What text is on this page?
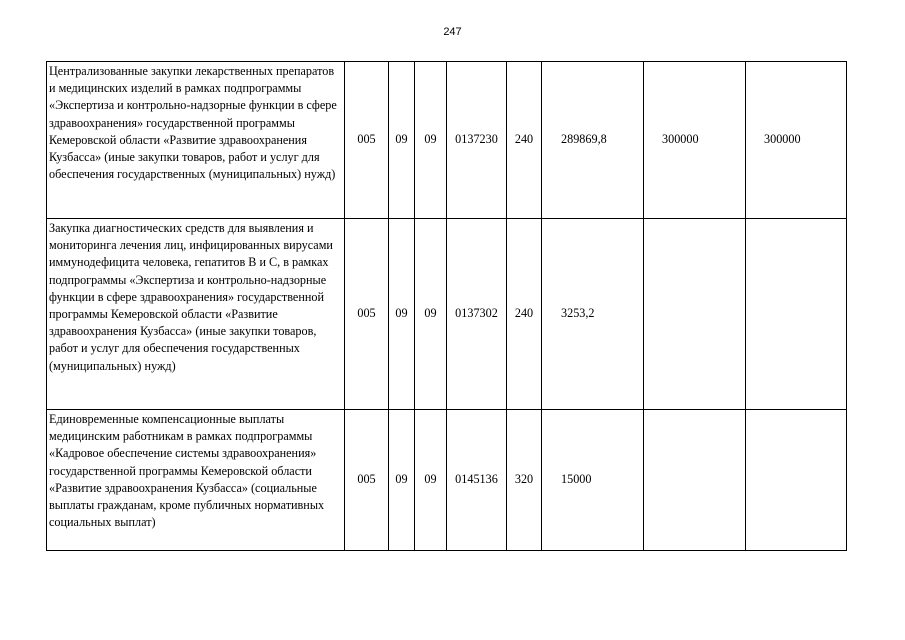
247
Централизованные закупки лекарственных препаратов и медицинских изделий в рамках подпрограммы «Экспертиза и контрольно-надзорные функции в сфере здравоохранения» государственной программы Кемеровской области «Развитие здравоохранения Кузбасса» (иные закупки товаров, работ и услуг для обеспечения государственных (муниципальных) нужд)	005	09	09	0137230	240	289869,8	300000	300000
Закупка диагностических средств для выявления и мониторинга лечения лиц, инфицированных вирусами иммунодефицита человека, гепатитов В и С, в рамках подпрограммы «Экспертиза и контрольно-надзорные функции в сфере здравоохранения» государственной программы Кемеровской области «Развитие здравоохранения Кузбасса» (иные закупки товаров, работ и услуг для обеспечения государственных (муниципальных) нужд)	005	09	09	0137302	240	3253,2		
Единовременные компенсационные выплаты медицинским работникам в рамках подпрограммы «Кадровое обеспечение системы здравоохранения» государственной программы Кемеровской области «Развитие здравоохранения Кузбасса» (социальные выплаты гражданам, кроме публичных нормативных социальных выплат)	005	09	09	0145136	320	15000		
